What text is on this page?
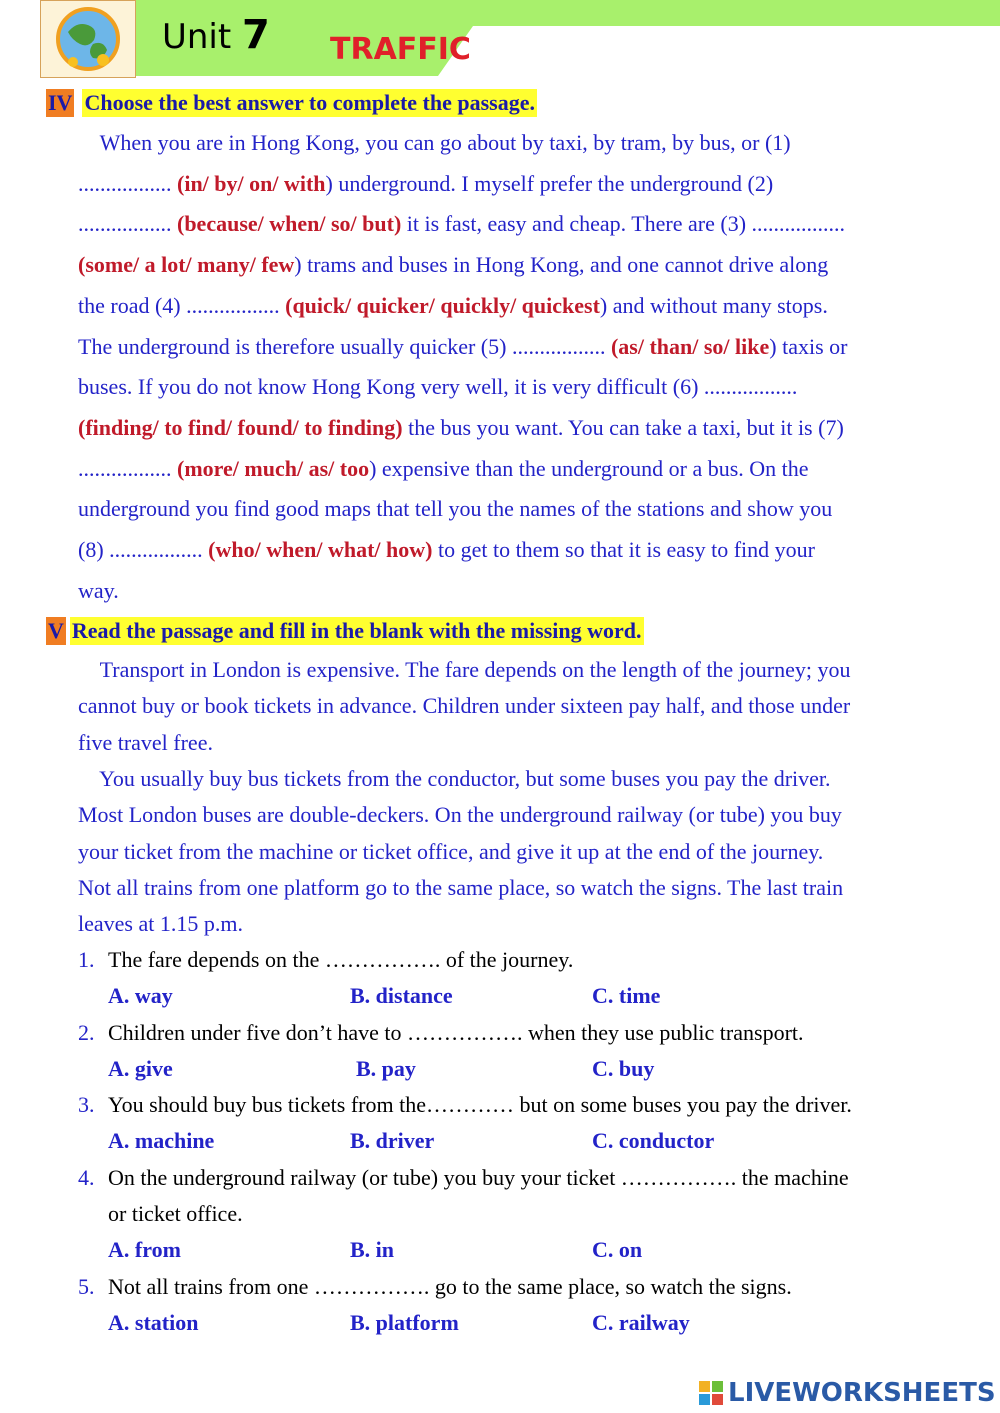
Unit 7 TRAFFIC
IV Choose the best answer to complete the passage.
When you are in Hong Kong, you can go about by taxi, by tram, by bus, or (1)
................. (in/ by/ on/ with) underground. I myself prefer the underground (2)
................. (because/ when/ so/ but) it is fast, easy and cheap. There are (3) .................
(some/ a lot/ many/ few) trams and buses in Hong Kong, and one cannot drive along
the road (4) ................. (quick/ quicker/ quickly/ quickest) and without many stops.
The underground is therefore usually quicker (5) ................. (as/ than/ so/ like) taxis or
buses. If you do not know Hong Kong very well, it is very difficult (6) .................
(finding/ to find/ found/ to finding) the bus you want. You can take a taxi, but it is (7)
................. (more/ much/ as/ too) expensive than the underground or a bus. On the
underground you find good maps that tell you the names of the stations and show you
(8) ................. (who/ when/ what/ how) to get to them so that it is easy to find your
way.
V Read the passage and fill in the blank with the missing word.
Transport in London is expensive. The fare depends on the length of the journey; you
cannot buy or book tickets in advance. Children under sixteen pay half, and those under
five travel free.
You usually buy bus tickets from the conductor, but some buses you pay the driver.
Most London buses are double-deckers. On the underground railway (or tube) you buy
your ticket from the machine or ticket office, and give it up at the end of the journey.
Not all trains from one platform go to the same place, so watch the signs. The last train
leaves at 1.15 p.m.
1. The fare depends on the ……………. of the journey.
A. way	B. distance	C. time
2. Children under five don’t have to ……………. when they use public transport.
A. give	B. pay	C. buy
3. You should buy bus tickets from the………… but on some buses you pay the driver.
A. machine	B. driver	C. conductor
4. On the underground railway (or tube) you buy your ticket ……………. the machine
or ticket office.
A. from	B. in	C. on
5. Not all trains from one ……………. go to the same place, so watch the signs.
A. station	B. platform	C. railway
LIVEWORKSHEETS
